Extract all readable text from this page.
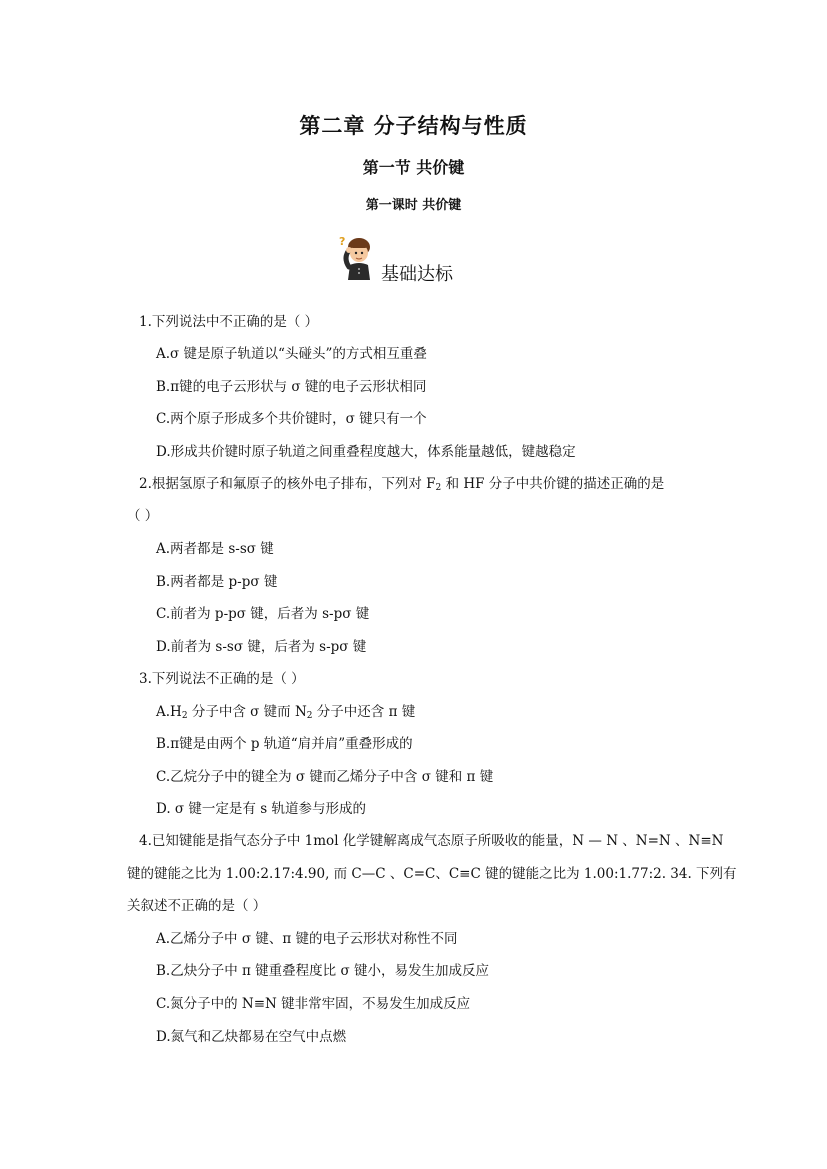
第二章 分子结构与性质
第一节 共价键
第一课时 共价键
?
基础达标
1.下列说法中不正确的是（ ）
A.σ 键是原子轨道以“头碰头”的方式相互重叠
B.π键的电子云形状与 σ 键的电子云形状相同
C.两个原子形成多个共价键时，σ 键只有一个
D.形成共价键时原子轨道之间重叠程度越大，体系能量越低，键越稳定
2.根据氢原子和氟原子的核外电子排布，下列对 $F_2$ 和 HF 分子中共价键的描述正确的是
（ ）
A.两者都是 s-sσ 键
B.两者都是 p-pσ 键
C.前者为 p-pσ 键，后者为 s-pσ 键
D.前者为 s-sσ 键，后者为 s-pσ 键
3.下列说法不正确的是（ ）
$A.H_2$ 分子中含 σ 键而 $N_2$ 分子中还含 π 键
B.π键是由两个 p 轨道“肩并肩”重叠形成的
C.乙烷分子中的键全为 σ 键而乙烯分子中含 σ 键和 π 键
D. σ 键一定是有 s 轨道参与形成的
4.已知键能是指气态分子中 1mol 化学键解离成气态原子所吸收的能量，N — N 、N=N 、N≡N
键的键能之比为 1.00:2.17:4.90, 而 C—C 、C=C、C≡C 键的键能之比为 1.00:1.77:2. 34. 下列有
关叙述不正确的是（ ）
A.乙烯分子中 σ 键、π 键的电子云形状对称性不同
B.乙炔分子中 π 键重叠程度比 σ 键小，易发生加成反应
C.氮分子中的 N≡N 键非常牢固，不易发生加成反应
D.氮气和乙炔都易在空气中点燃
